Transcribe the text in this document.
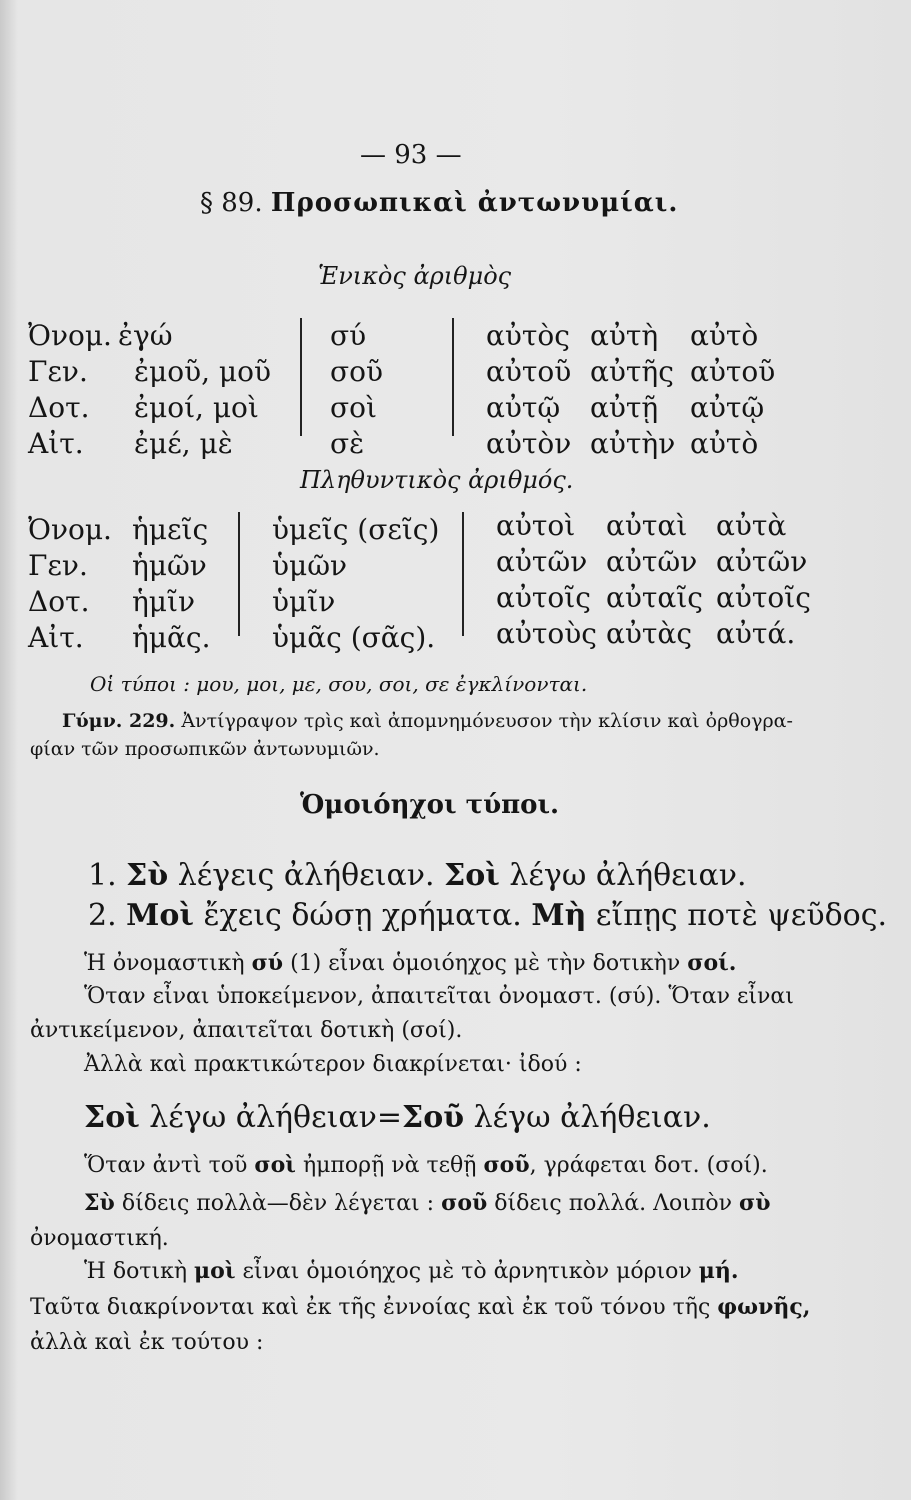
— 93 —
§ 89. Προσωπικαὶ ἀντωνυμίαι.
Ἑνικὸς ἀριθμὸς
Ὀνομ.
Γεν.
Δοτ.
Αἰτ.
ἐγώ
ἐμοῦ, μοῦ
ἐμοί, μοὶ
ἐμέ, μὲ
σύ
σοῦ
σοὶ
σὲ
αὐτὸς
αὐτοῦ
αὐτῷ
αὐτὸν
αὐτὴ
αὐτῆς
αὐτῇ
αὐτὴν
αὐτὸ
αὐτοῦ
αὐτῷ
αὐτὸ
Πληθυντικὸς ἀριθμός.
Ὀνομ.
Γεν.
Δοτ.
Αἰτ.
ἡμεῖς
ἡμῶν
ἡμῖν
ἡμᾶς.
ὑμεῖς (σεῖς)
ὑμῶν
ὑμῖν
ὑμᾶς (σᾶς).
αὐτοὶ
αὐτῶν
αὐτοῖς
αὐτοὺς
αὐταὶ
αὐτῶν
αὐταῖς
αὐτὰς
αὐτὰ
αὐτῶν
αὐτοῖς
αὐτά.
Οἱ τύποι : μου, μοι, με, σου, σοι, σε ἐγκλίνονται.
Γύμν. 229. Ἀντίγραψον τρὶς καὶ ἀπομνημόνευσον τὴν κλίσιν καὶ ὀρθογρα-
φίαν τῶν προσωπικῶν ἀντωνυμιῶν.
Ὁμοιόηχοι τύποι.
1. Σὺ λέγεις ἀλήθειαν. Σοὶ λέγω ἀλήθειαν.
2. Μοὶ ἔχεις δώσῃ χρήματα. Μὴ εἴπῃς ποτὲ ψεῦδος.
Ἡ ὀνομαστικὴ σύ (1) εἶναι ὁμοιόηχος μὲ τὴν δοτικὴν σοί.
Ὅταν εἶναι ὑποκείμενον, ἀπαιτεῖται ὀνομαστ. (σύ). Ὅταν εἶναι
ἀντικείμενον, ἀπαιτεῖται δοτικὴ (σοί).
Ἀλλὰ καὶ πρακτικώτερον διακρίνεται· ἰδού :
Σοὶ λέγω ἀλήθειαν=Σοῦ λέγω ἀλήθειαν.
Ὅταν ἀντὶ τοῦ σοὶ ἠμπορῇ νὰ τεθῇ σοῦ, γράφεται δοτ. (σοί).
Σὺ δίδεις πολλὰ—δὲν λέγεται : σοῦ δίδεις πολλά. Λοιπὸν σὺ
ὀνομαστική.
Ἡ δοτικὴ μοὶ εἶναι ὁμοιόηχος μὲ τὸ ἀρνητικὸν μόριον μή.
Ταῦτα διακρίνονται καὶ ἐκ τῆς ἐννοίας καὶ ἐκ τοῦ τόνου τῆς φωνῆς,
ἀλλὰ καὶ ἐκ τούτου :
